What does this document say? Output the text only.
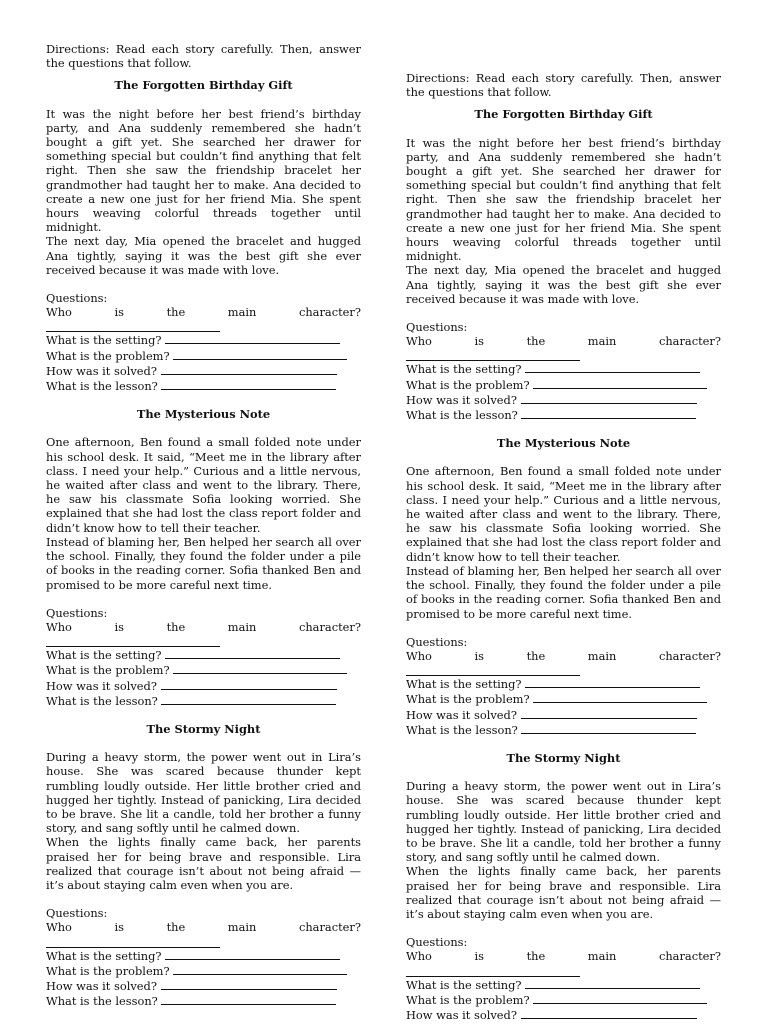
Directions: Read each story carefully. Then, answer the questions that follow.

The Forgotten Birthday Gift

It was the night before her best friend’s birthday party, and Ana suddenly remembered she hadn’t bought a gift yet. She searched her drawer for something special but couldn’t find anything that felt right. Then she saw the friendship bracelet her grandmother had taught her to make. Ana decided to create a new one just for her friend Mia. She spent hours weaving colorful threads together until midnight.

The next day, Mia opened the bracelet and hugged Ana tightly, saying it was the best gift she ever received because it was made with love.

Questions:
Who	is	the	main	character?
What is the setting?
What is the problem?
How was it solved?
What is the lesson?

The Mysterious Note

One afternoon, Ben found a small folded note under his school desk. It said, “Meet me in the library after class. I need your help.” Curious and a little nervous, he waited after class and went to the library. There, he saw his classmate Sofia looking worried. She explained that she had lost the class report folder and didn’t know how to tell their teacher.

Instead of blaming her, Ben helped her search all over the school. Finally, they found the folder under a pile of books in the reading corner. Sofia thanked Ben and promised to be more careful next time.

Questions:
Who	is	the	main	character?
What is the setting?
What is the problem?
How was it solved?
What is the lesson?

The Stormy Night

During a heavy storm, the power went out in Lira’s house. She was scared because thunder kept rumbling loudly outside. Her little brother cried and hugged her tightly. Instead of panicking, Lira decided to be brave. She lit a candle, told her brother a funny story, and sang softly until he calmed down.

When the lights finally came back, her parents praised her for being brave and responsible. Lira realized that courage isn’t about not being afraid — it’s about staying calm even when you are.

Questions:
Who	is	the	main	character?
What is the setting?
What is the problem?
How was it solved?
What is the lesson?

Directions: Read each story carefully. Then, answer the questions that follow.

The Forgotten Birthday Gift

It was the night before her best friend’s birthday party, and Ana suddenly remembered she hadn’t bought a gift yet. She searched her drawer for something special but couldn’t find anything that felt right. Then she saw the friendship bracelet her grandmother had taught her to make. Ana decided to create a new one just for her friend Mia. She spent hours weaving colorful threads together until midnight.

The next day, Mia opened the bracelet and hugged Ana tightly, saying it was the best gift she ever received because it was made with love.

Questions:
Who	is	the	main	character?
What is the setting?
What is the problem?
How was it solved?
What is the lesson?

The Mysterious Note

One afternoon, Ben found a small folded note under his school desk. It said, “Meet me in the library after class. I need your help.” Curious and a little nervous, he waited after class and went to the library. There, he saw his classmate Sofia looking worried. She explained that she had lost the class report folder and didn’t know how to tell their teacher.

Instead of blaming her, Ben helped her search all over the school. Finally, they found the folder under a pile of books in the reading corner. Sofia thanked Ben and promised to be more careful next time.

Questions:
Who	is	the	main	character?
What is the setting?
What is the problem?
How was it solved?
What is the lesson?

The Stormy Night

During a heavy storm, the power went out in Lira’s house. She was scared because thunder kept rumbling loudly outside. Her little brother cried and hugged her tightly. Instead of panicking, Lira decided to be brave. She lit a candle, told her brother a funny story, and sang softly until he calmed down.

When the lights finally came back, her parents praised her for being brave and responsible. Lira realized that courage isn’t about not being afraid — it’s about staying calm even when you are.

Questions:
Who	is	the	main	character?
What is the setting?
What is the problem?
How was it solved?
